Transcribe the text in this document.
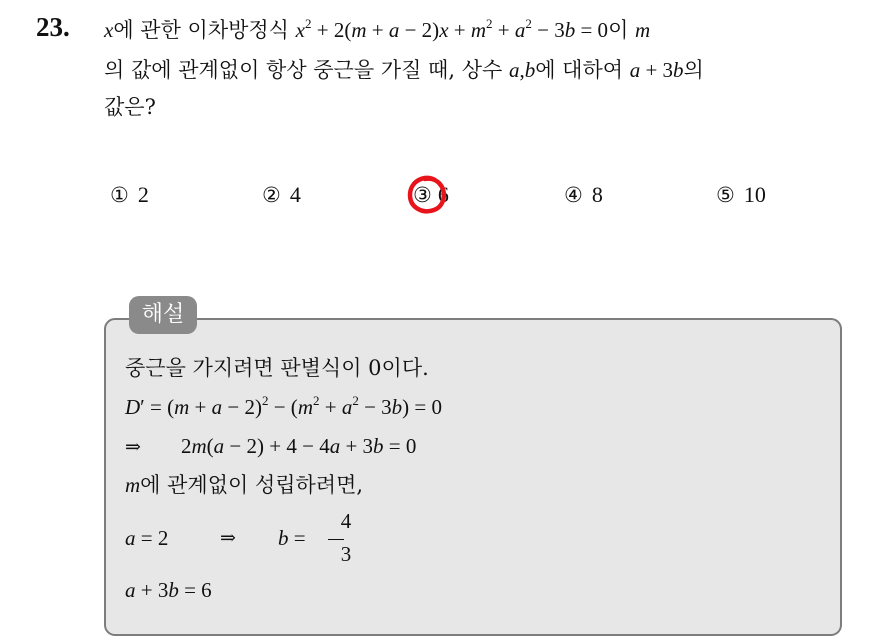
23. x에 관한 이차방정식 $x^2 + 2(m + a - 2)x + m^2 + a^2 - 3b = 0$이 m
의 값에 관계없이 항상 중근을 가질 때, 상수 a,b에 대하여 a + 3b의
값은?
① 2	② 4	③ 6	④ 8	⑤ 10
해설
중근을 가지려면 판별식이 0이다.
$D' = (m + a - 2)^2 - (m^2 + a^2 - 3b) = 0$
⇒ 2m(a − 2) + 4 − 4a + 3b = 0
m에 관계없이 성립하려면,
a = 2	⇒ b =
4
3
a + 3b = 6
